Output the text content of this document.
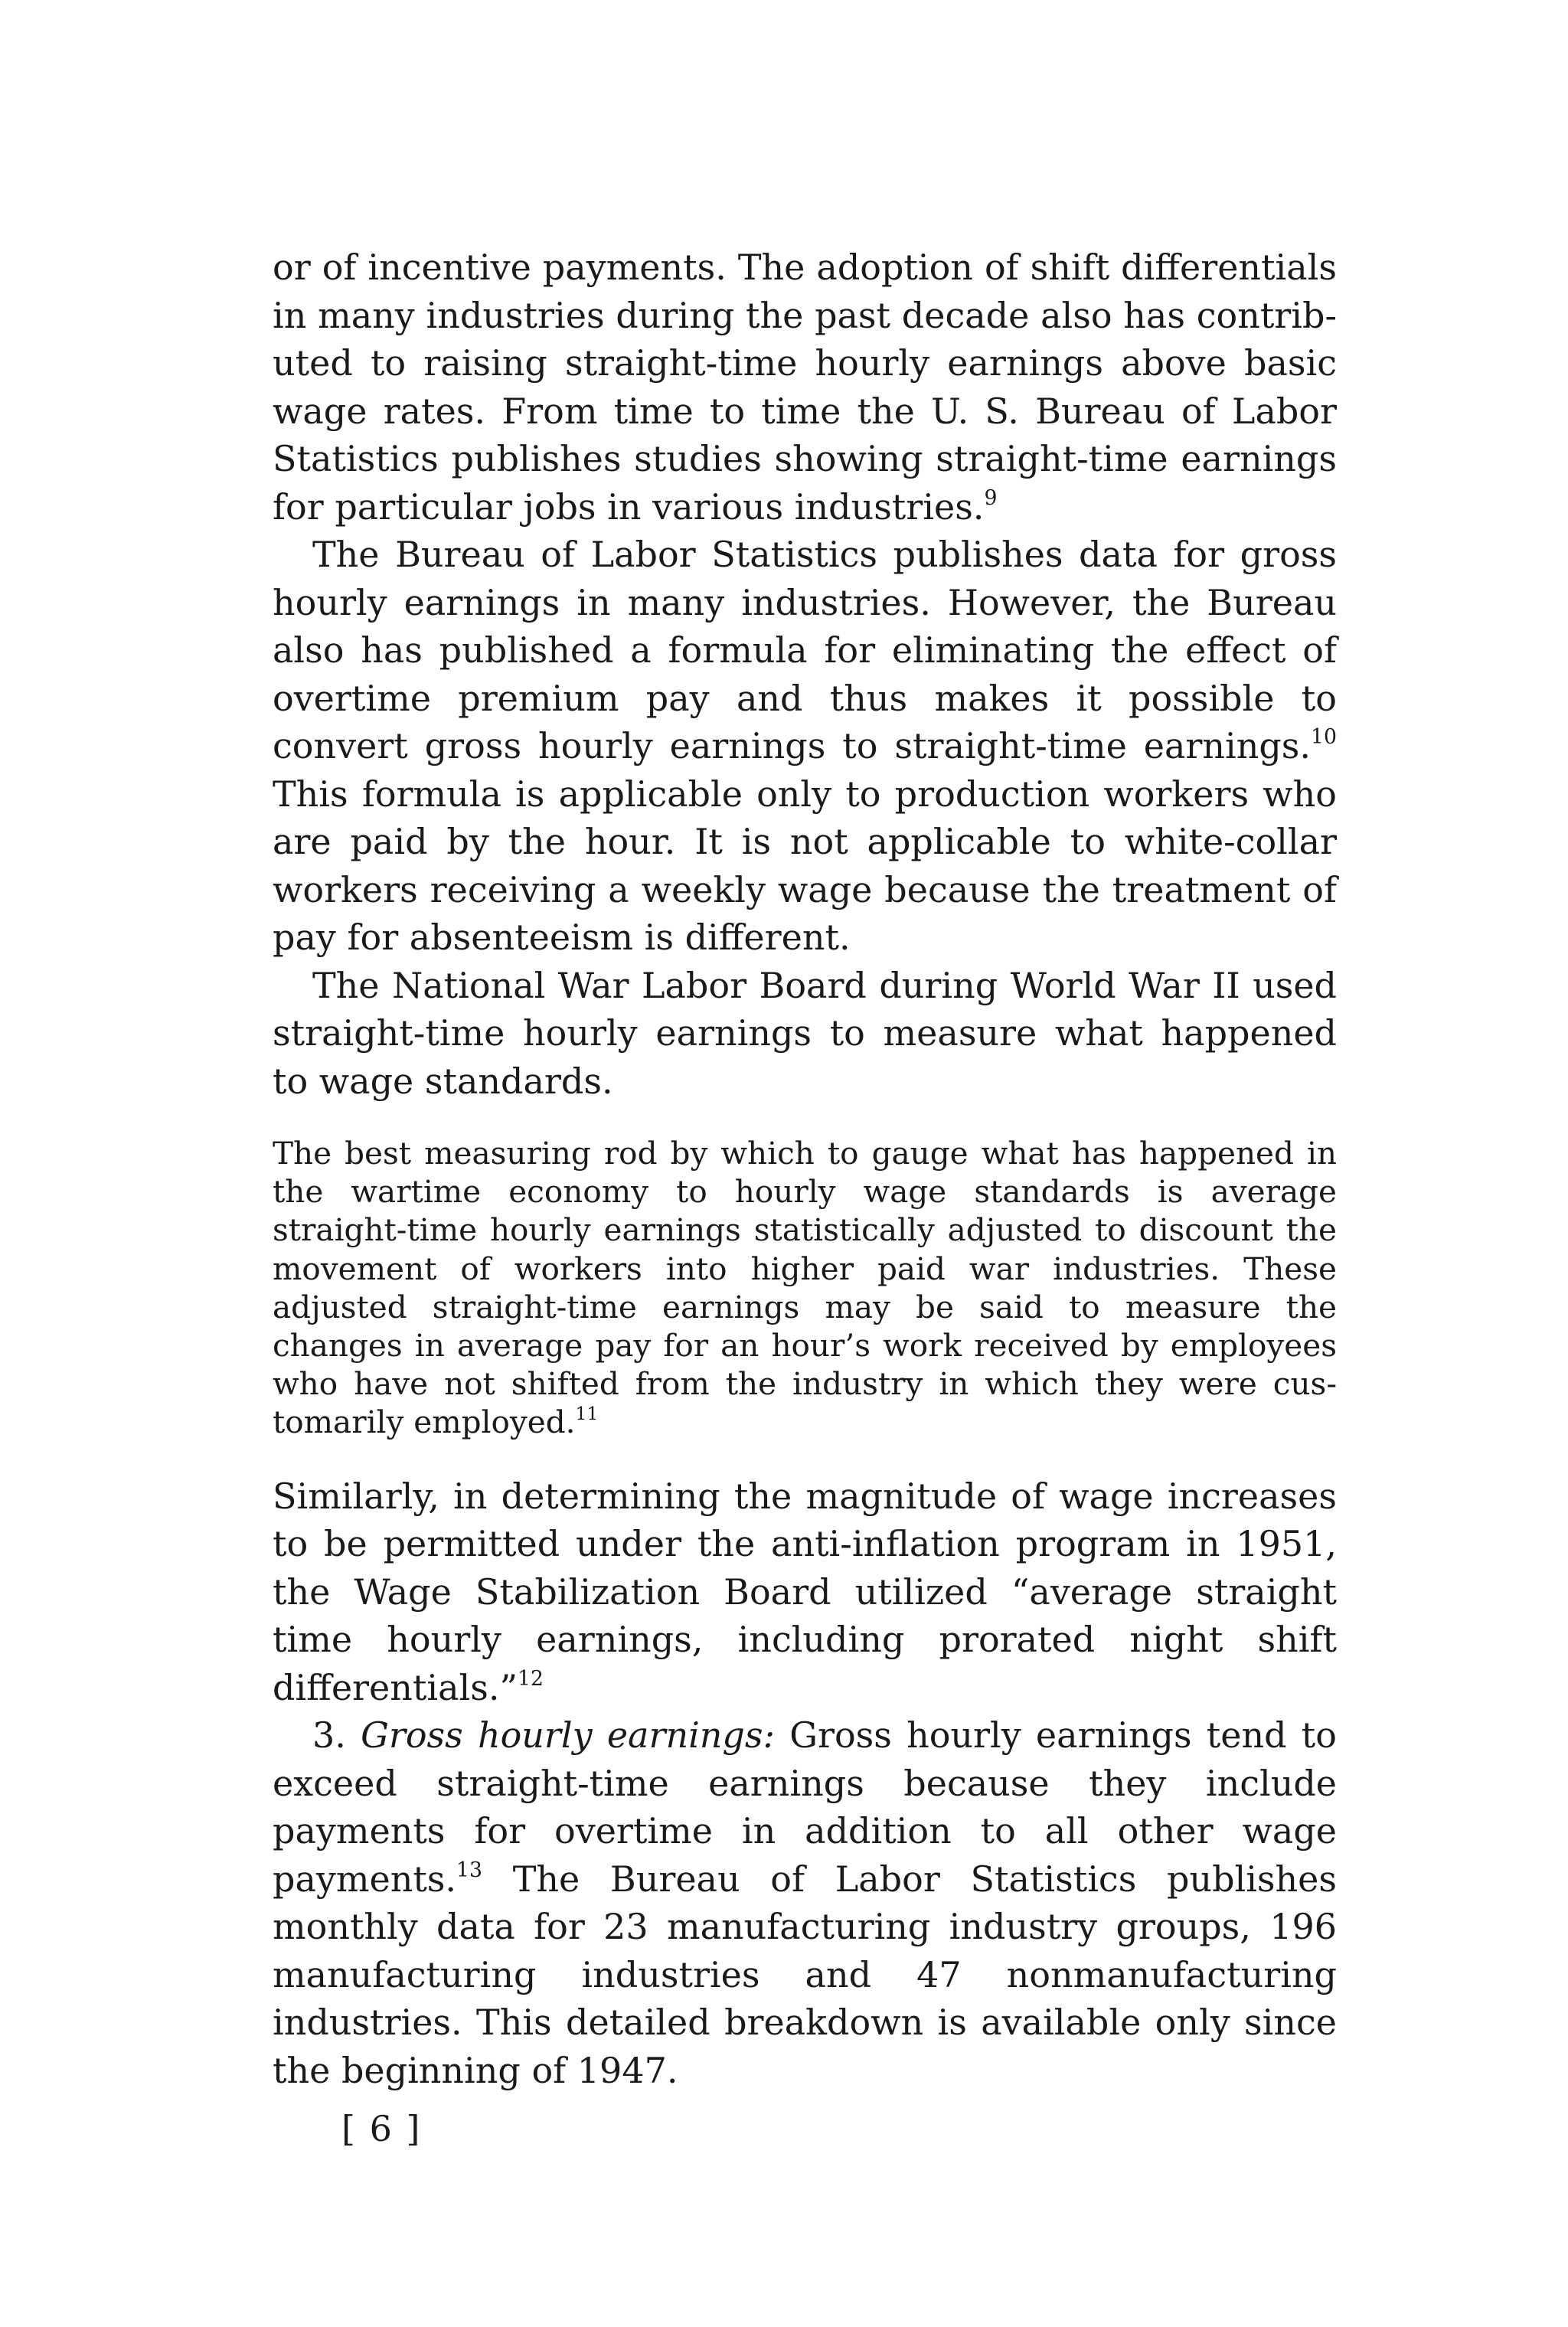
or of incentive payments. The adoption of shift differentials in many industries during the past decade also has contributed to raising straight-time hourly earnings above basic wage rates. From time to time the U. S. Bureau of Labor Statistics publishes studies showing straight-time earnings for particular jobs in various industries.$^9$

The Bureau of Labor Statistics publishes data for gross hourly earnings in many industries. However, the Bureau also has published a formula for eliminating the effect of overtime premium pay and thus makes it possible to convert gross hourly earnings to straight-time earnings.$^{10}$ This formula is applicable only to production workers who are paid by the hour. It is not applicable to white-collar workers receiving a weekly wage because the treatment of pay for absenteeism is different.

The National War Labor Board during World War II used straight-time hourly earnings to measure what happened to wage standards.

The best measuring rod by which to gauge what has happened in the wartime economy to hourly wage standards is average straight-time hourly earnings statistically adjusted to discount the movement of workers into higher paid war industries. These adjusted straight-time earnings may be said to measure the changes in average pay for an hour’s work received by employees who have not shifted from the industry in which they were customarily employed.$^{11}$

Similarly, in determining the magnitude of wage increases to be permitted under the anti-inflation program in 1951, the Wage Stabilization Board utilized “average straight time hourly earnings, including prorated night shift differentials.”$^{12}$

3. Gross hourly earnings: Gross hourly earnings tend to exceed straight-time earnings because they include payments for overtime in addition to all other wage payments.$^{13}$ The Bureau of Labor Statistics publishes monthly data for 23 manufacturing industry groups, 196 manufacturing industries and 47 nonmanufacturing industries. This detailed breakdown is available only since the beginning of 1947.

[ 6 ]
